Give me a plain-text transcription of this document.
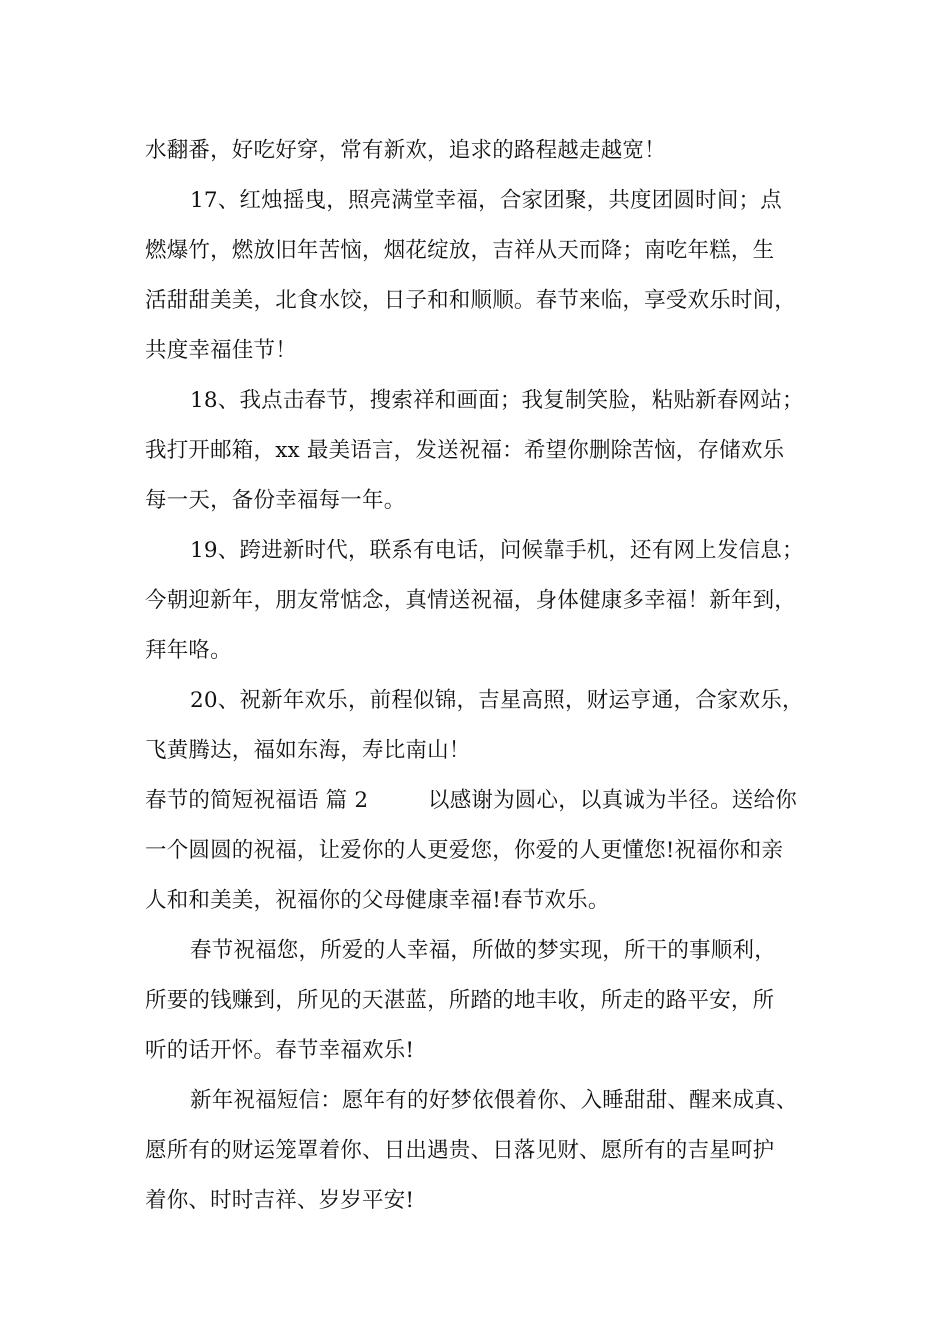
水翻番，好吃好穿，常有新欢，追求的路程越走越宽！
17、红烛摇曳，照亮满堂幸福，合家团聚，共度团圆时间；点
燃爆竹，燃放旧年苦恼，烟花绽放，吉祥从天而降；南吃年糕，生
活甜甜美美，北食水饺，日子和和顺顺。春节来临，享受欢乐时间，
共度幸福佳节！
18、我点击春节，搜索祥和画面；我复制笑脸，粘贴新春网站；
我打开邮箱，xx 最美语言，发送祝福：希望你删除苦恼，存储欢乐
每一天，备份幸福每一年。
19、跨进新时代，联系有电话，问候靠手机，还有网上发信息；
今朝迎新年，朋友常惦念，真情送祝福，身体健康多幸福！新年到，
拜年咯。
20、祝新年欢乐，前程似锦，吉星高照，财运亨通，合家欢乐，
飞黄腾达，福如东海，寿比南山！
春节的简短祝福语 篇 2	以感谢为圆心，以真诚为半径。送给你
一个圆圆的祝福，让爱你的人更爱您，你爱的人更懂您!祝福你和亲
人和和美美，祝福你的父母健康幸福!春节欢乐。
春节祝福您，所爱的人幸福，所做的梦实现，所干的事顺利，
所要的钱赚到，所见的天湛蓝，所踏的地丰收，所走的路平安，所
听的话开怀。春节幸福欢乐!
新年祝福短信：愿年有的好梦依偎着你、入睡甜甜、醒来成真、
愿所有的财运笼罩着你、日出遇贵、日落见财、愿所有的吉星呵护
着你、时时吉祥、岁岁平安!
